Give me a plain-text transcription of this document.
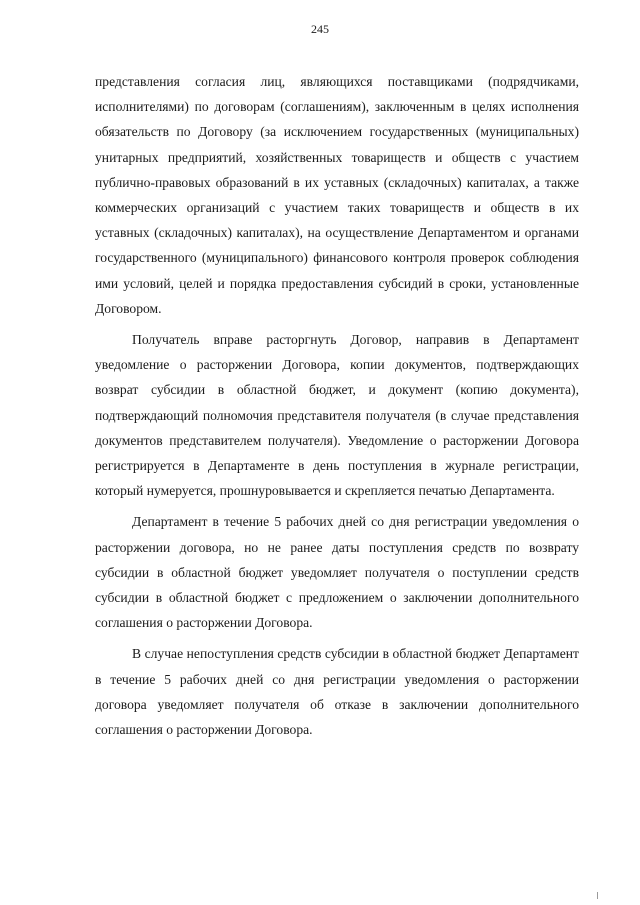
245

представления согласия лиц, являющихся поставщиками (подрядчиками, исполнителями) по договорам (соглашениям), заключенным в целях исполнения обязательств по Договору (за исключением государственных (муниципальных) унитарных предприятий, хозяйственных товариществ и обществ с участием публично-правовых образований в их уставных (складочных) капиталах, а также коммерческих организаций с участием таких товариществ и обществ в их уставных (складочных) капиталах), на осуществление Департаментом и органами государственного (муниципального) финансового контроля проверок соблюдения ими условий, целей и порядка предоставления субсидий в сроки, установленные Договором.

Получатель вправе расторгнуть Договор, направив в Департамент уведомление о расторжении Договора, копии документов, подтверждающих возврат субсидии в областной бюджет, и документ (копию документа), подтверждающий полномочия представителя получателя (в случае представления документов представителем получателя). Уведомление о расторжении Договора регистрируется в Департаменте в день поступления в журнале регистрации, который нумеруется, прошнуровывается и скрепляется печатью Департамента.

Департамент в течение 5 рабочих дней со дня регистрации уведомления о расторжении договора, но не ранее даты поступления средств по возврату субсидии в областной бюджет уведомляет получателя о поступлении средств субсидии в областной бюджет с предложением о заключении дополнительного соглашения о расторжении Договора.

В случае непоступления средств субсидии в областной бюджет Департамент в течение 5 рабочих дней со дня регистрации уведомления о расторжении договора уведомляет получателя об отказе в заключении дополнительного соглашения о расторжении Договора.
